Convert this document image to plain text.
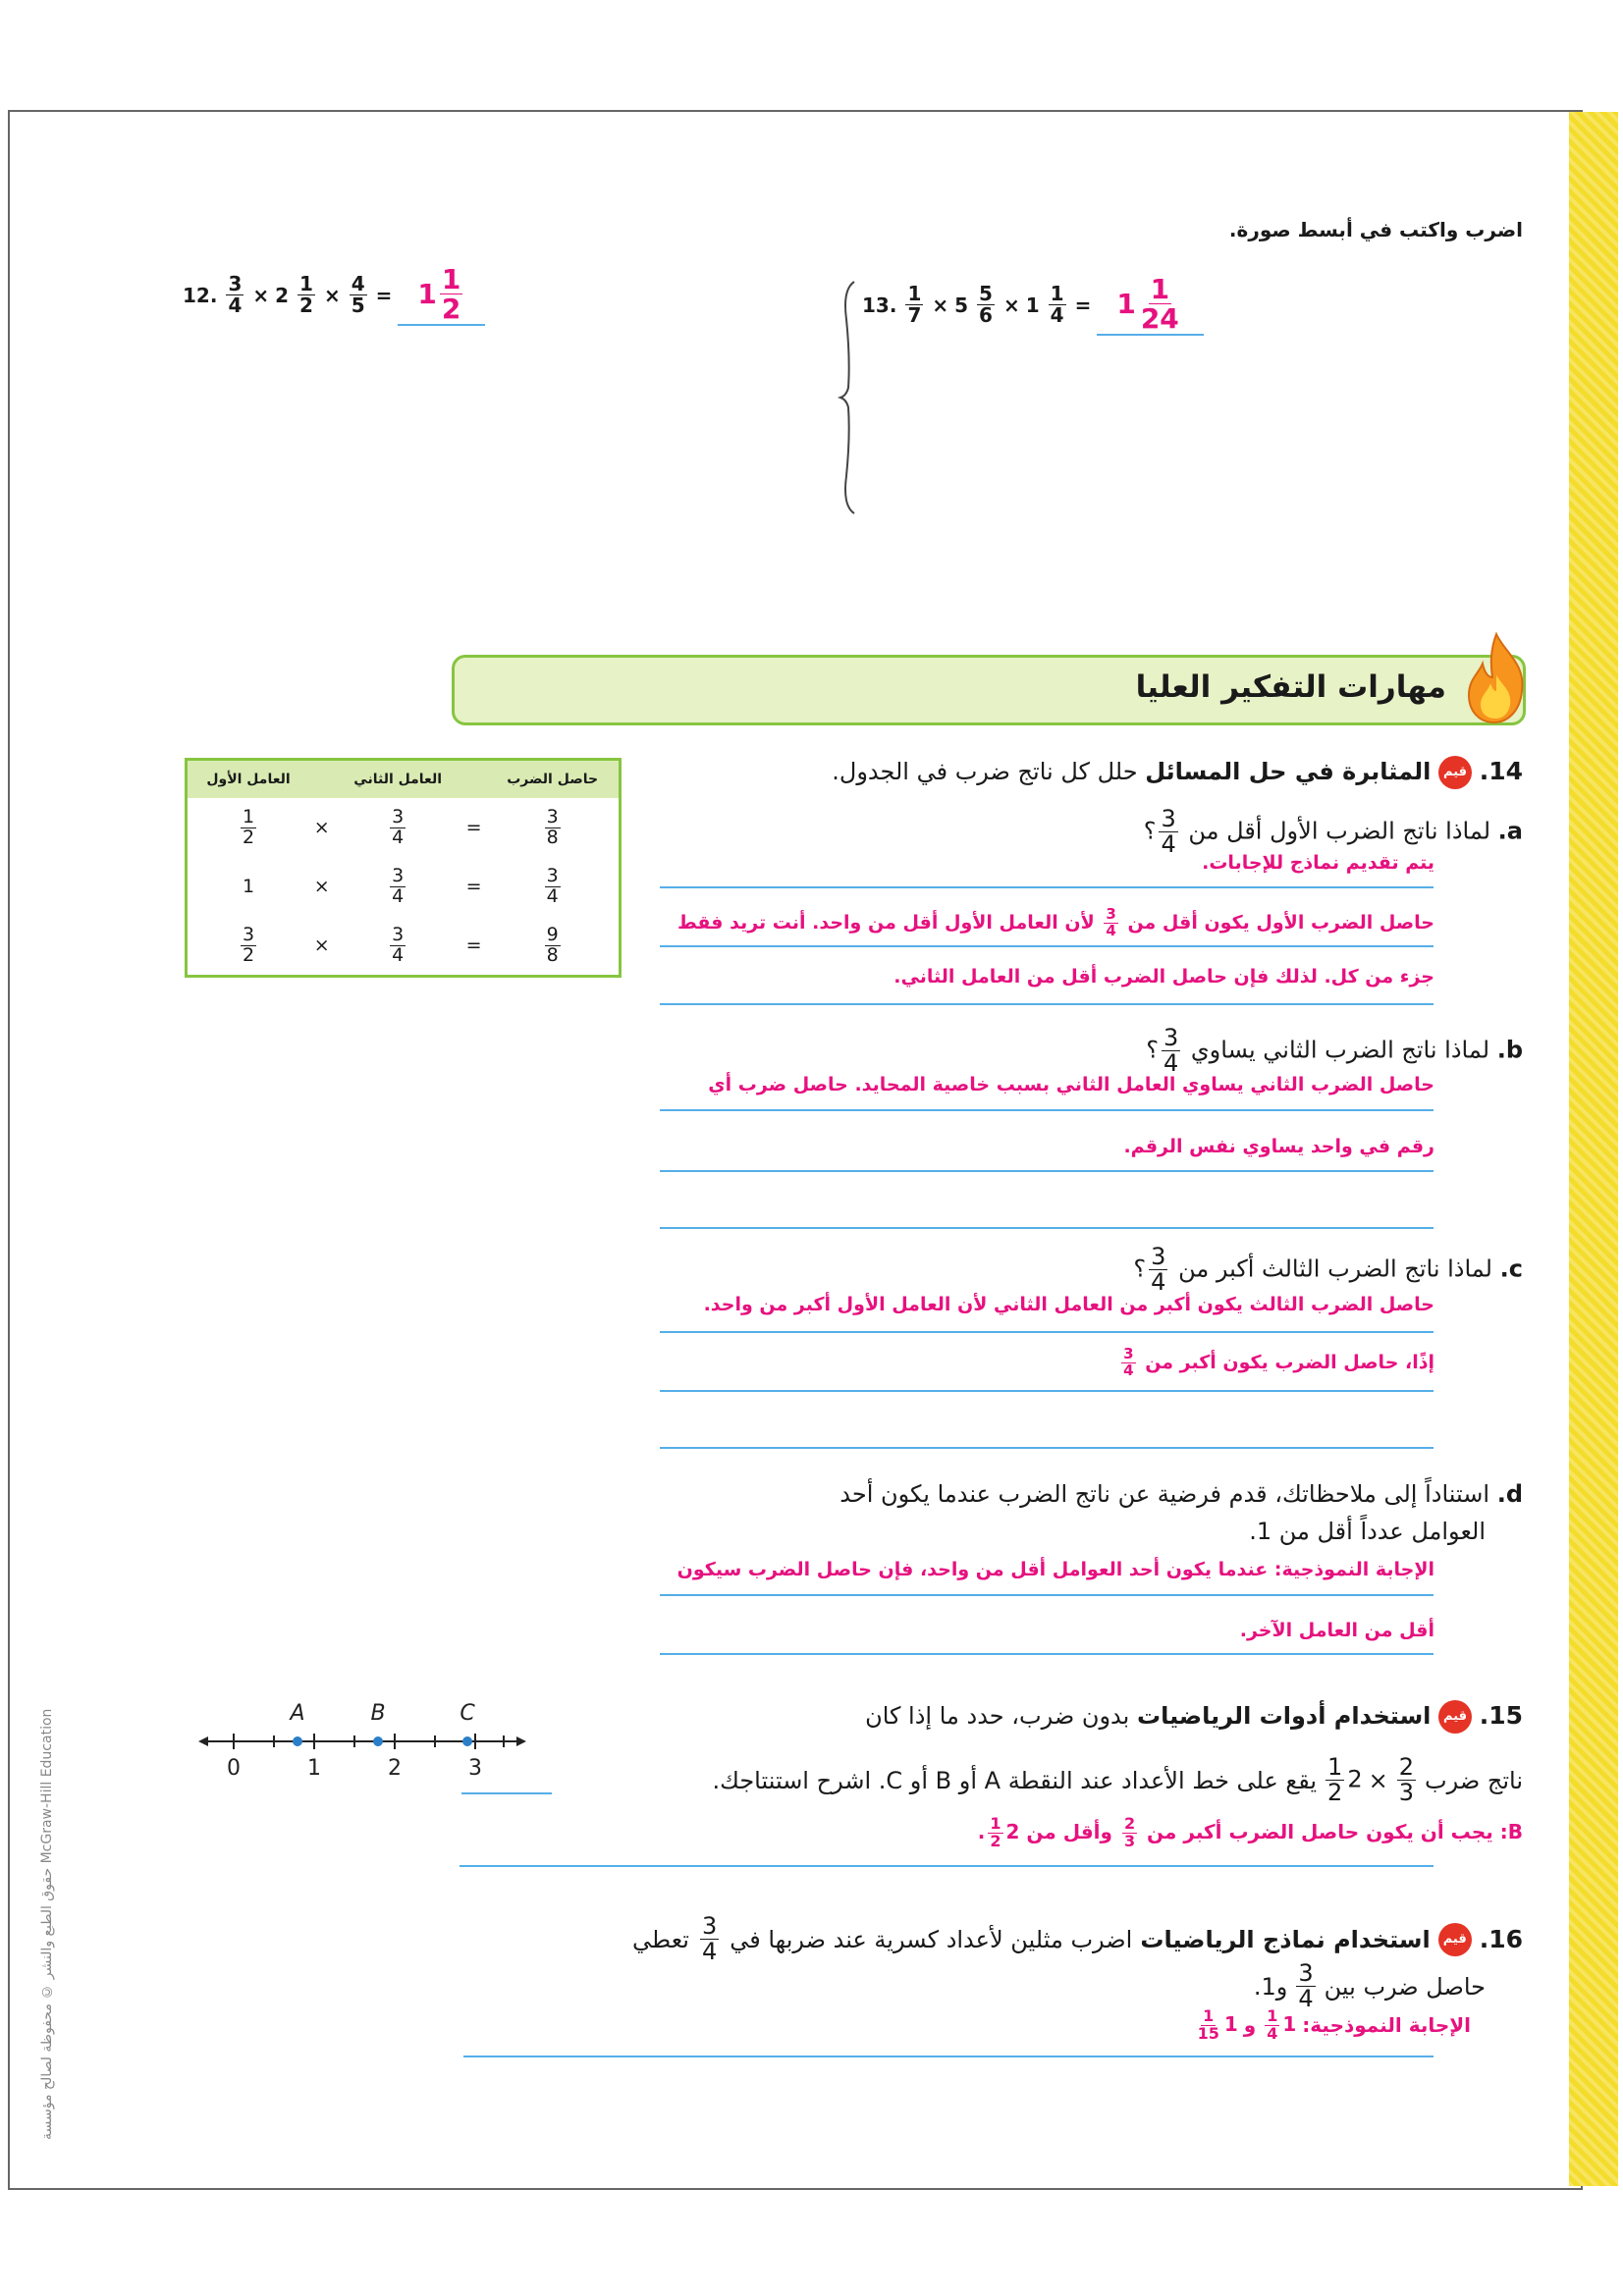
اضرب واكتب في أبسط صورة.
12. $\frac{3}{4} \times 2 \frac{1}{2} \times \frac{4}{5} = 1 \frac{1}{2}$	13. $\frac{1}{7} \times 5 \frac{5}{6} \times 1 \frac{1}{4} = 1 \frac{1}{24}$
مهارات التفكير العليا
14. قيم المثابرة في حل المسائل حلل كل ناتج ضرب في الجدول.
العامل الأول		العامل الثاني		حاصل الضرب

$\frac{1}{2}$	×	$\frac{3}{4}$	=	$\frac{3}{8}$

1	×	$\frac{3}{4}$	=	$\frac{3}{4}$

$\frac{3}{2}$	×	$\frac{3}{4}$	=	$\frac{9}{8}$
a. لماذا ناتج الضرب الأول أقل من
$\frac{3}{4}$
؟
يتم تقديم نماذج للإجابات.
حاصل الضرب الأول يكون أقل من
$\frac{3}{4}$
لأن العامل الأول أقل من واحد. أنت تريد فقط
جزء من كل. لذلك فإن حاصل الضرب أقل من العامل الثاني.
b. لماذا ناتج الضرب الثاني يساوي
$\frac{3}{4}$
؟
حاصل الضرب الثاني يساوي العامل الثاني بسبب خاصية المحايد. حاصل ضرب أي
رقم في واحد يساوي نفس الرقم.
c. لماذا ناتج الضرب الثالث أكبر من
$\frac{3}{4}$
؟
حاصل الضرب الثالث يكون أكبر من العامل الثاني لأن العامل الأول أكبر من واحد.
إذًا، حاصل الضرب يكون أكبر من
$\frac{3}{4}$
d. استناداً إلى ملاحظاتك، قدم فرضية عن ناتج الضرب عندما يكون أحد
العوامل عدداً أقل من 1.
الإجابة النموذجية: عندما يكون أحد العوامل أقل من واحد، فإن حاصل الضرب سيكون
أقل من العامل الآخر.
A	B	C
0	1	2	3
15. قيم استخدام أدوات الرياضيات بدون ضرب، حدد ما إذا كان
ناتج ضرب
$\frac{2}{3}$
×
2
$\frac{1}{2}$
يقع على خط الأعداد عند النقطة A أو B أو C. اشرح استنتاجك.
B: يجب أن يكون حاصل الضرب أكبر من
$\frac{2}{3}$
وأقل من 2
$\frac{1}{2}$
.
16.
قيم
استخدام نماذج الرياضيات
اضرب مثلين لأعداد كسرية عند ضربها في
$\frac{3}{4}$
تعطي
حاصل ضرب بين
$\frac{3}{4}$
و1.
الإجابة النموذجية:
1
$\frac{1}{4}$
و
1
$\frac{1}{15}$
حقوق الطبع والنشر © محفوظة لصالح مؤسسة McGraw-Hill Education
